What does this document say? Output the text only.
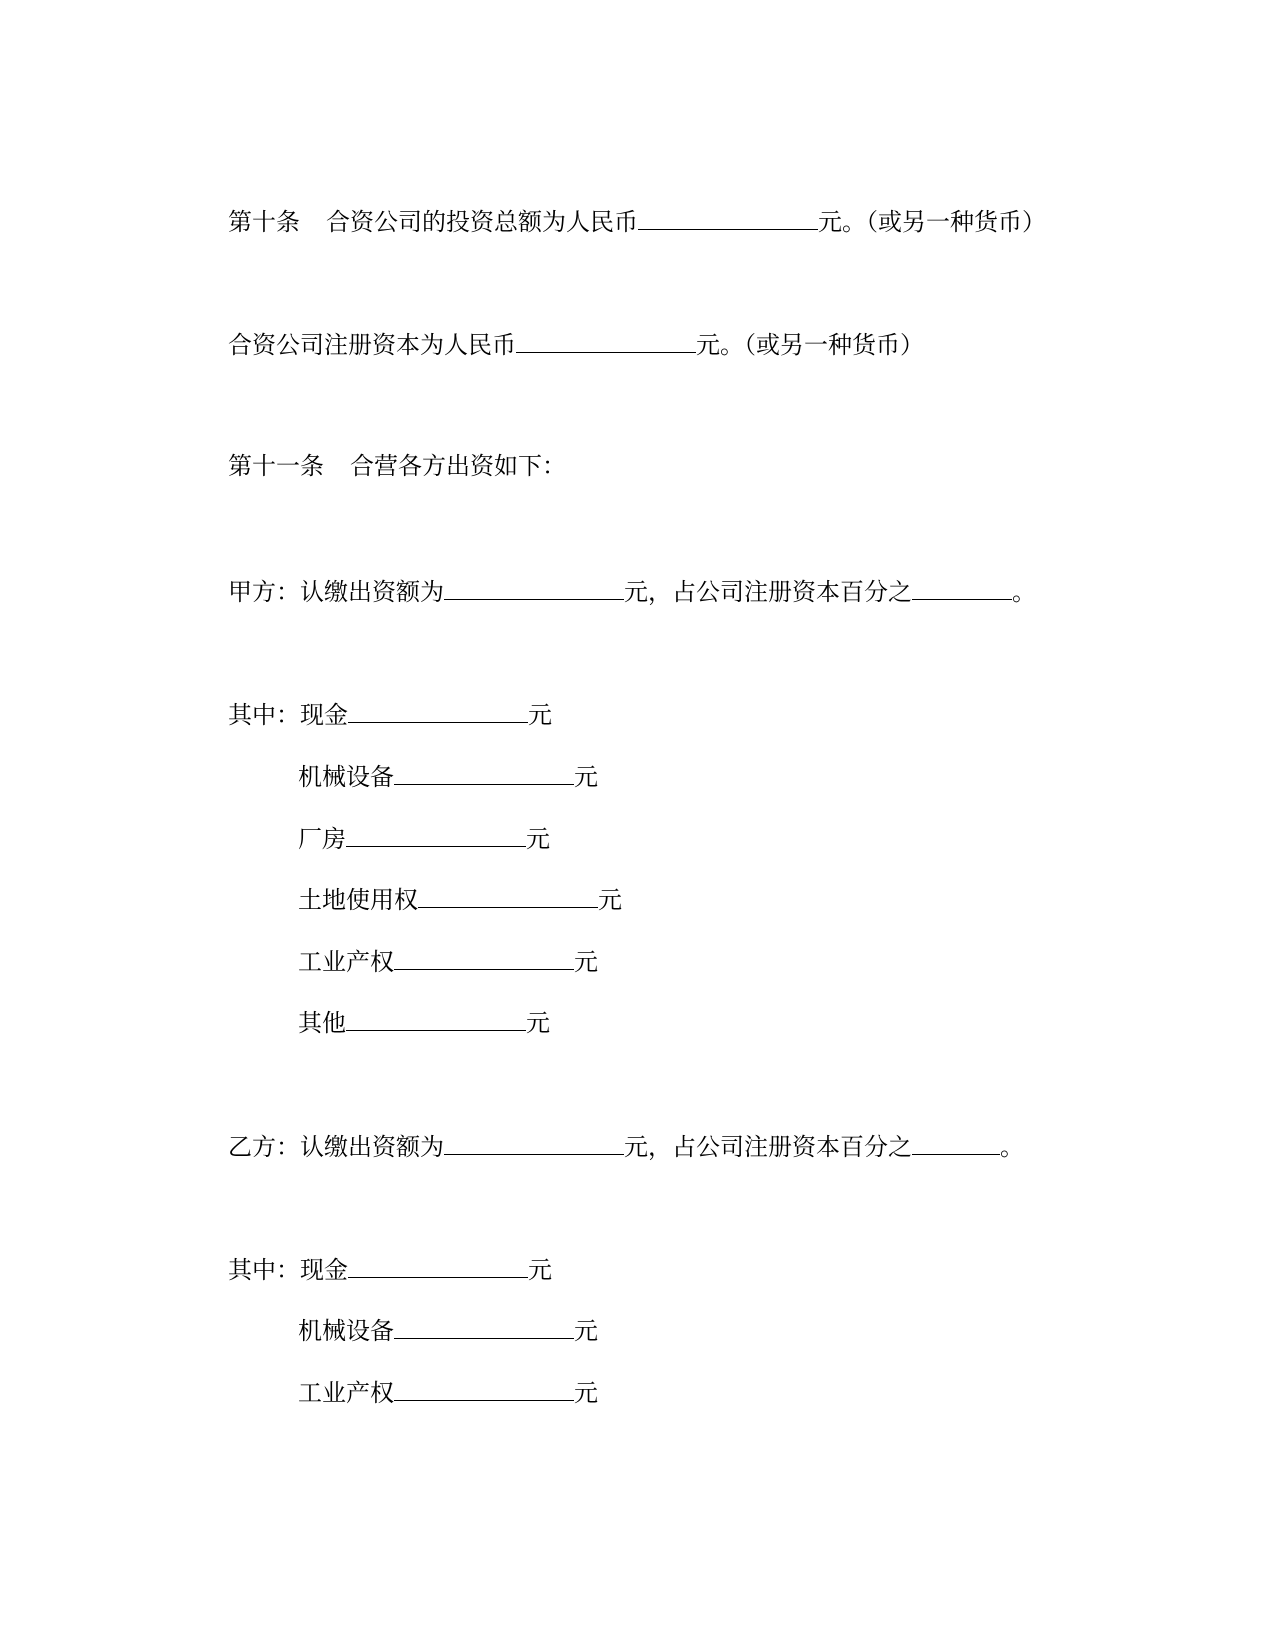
第十条 合资公司的投资总额为人民币	元。（或另一种货币）
合资公司注册资本为人民币	元。（或另一种货币）
第十一条 合营各方出资如下：
甲方：认缴出资额为	元，占公司注册资本百分之	。
其中：现金	元
机械设备	元
厂房	元
土地使用权	元
工业产权	元
其他	元
乙方：认缴出资额为	元，占公司注册资本百分之	。
其中：现金	元
机械设备	元
工业产权	元
